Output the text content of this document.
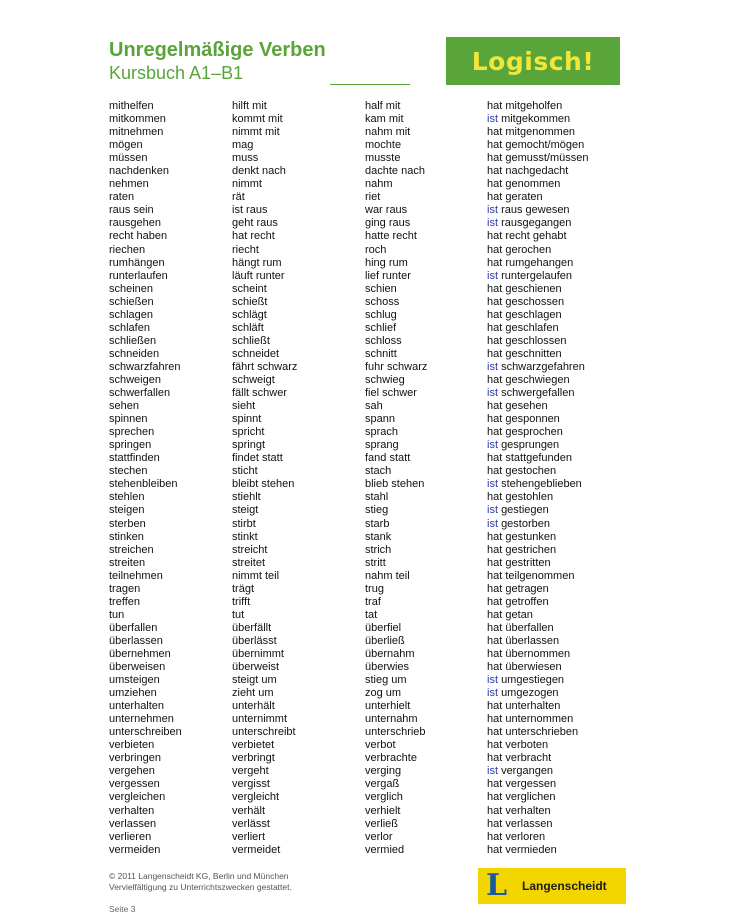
Unregelmäßige Verben
Kursbuch A1–B1	Logisch!
mithelfen	hilft mit	half mit	hat mitgeholfen
mitkommen	kommt mit	kam mit	ist mitgekommen
mitnehmen	nimmt mit	nahm mit	hat mitgenommen
mögen	mag	mochte	hat gemocht/mögen
müssen	muss	musste	hat gemusst/müssen
nachdenken	denkt nach	dachte nach	hat nachgedacht
nehmen	nimmt	nahm	hat genommen
raten	rät	riet	hat geraten
raus sein	ist raus	war raus	ist raus gewesen
rausgehen	geht raus	ging raus	ist rausgegangen
recht haben	hat recht	hatte recht	hat recht gehabt
riechen	riecht	roch	hat gerochen
rumhängen	hängt rum	hing rum	hat rumgehangen
runterlaufen	läuft runter	lief runter	ist runtergelaufen
scheinen	scheint	schien	hat geschienen
schießen	schießt	schoss	hat geschossen
schlagen	schlägt	schlug	hat geschlagen
schlafen	schläft	schlief	hat geschlafen
schließen	schließt	schloss	hat geschlossen
schneiden	schneidet	schnitt	hat geschnitten
schwarzfahren	fährt schwarz	fuhr schwarz	ist schwarzgefahren
schweigen	schweigt	schwieg	hat geschwiegen
schwerfallen	fällt schwer	fiel schwer	ist schwergefallen
sehen	sieht	sah	hat gesehen
spinnen	spinnt	spann	hat gesponnen
sprechen	spricht	sprach	hat gesprochen
springen	springt	sprang	ist gesprungen
stattfinden	findet statt	fand statt	hat stattgefunden
stechen	sticht	stach	hat gestochen
stehenbleiben	bleibt stehen	blieb stehen	ist stehengeblieben
stehlen	stiehlt	stahl	hat gestohlen
steigen	steigt	stieg	ist gestiegen
sterben	stirbt	starb	ist gestorben
stinken	stinkt	stank	hat gestunken
streichen	streicht	strich	hat gestrichen
streiten	streitet	stritt	hat gestritten
teilnehmen	nimmt teil	nahm teil	hat teilgenommen
tragen	trägt	trug	hat getragen
treffen	trifft	traf	hat getroffen
tun	tut	tat	hat getan
überfallen	überfällt	überfiel	hat überfallen
überlassen	überlässt	überließ	hat überlassen
übernehmen	übernimmt	übernahm	hat übernommen
überweisen	überweist	überwies	hat überwiesen
umsteigen	steigt um	stieg um	ist umgestiegen
umziehen	zieht um	zog um	ist umgezogen
unterhalten	unterhält	unterhielt	hat unterhalten
unternehmen	unternimmt	unternahm	hat unternommen
unterschreiben	unterschreibt	unterschrieb	hat unterschrieben
verbieten	verbietet	verbot	hat verboten
verbringen	verbringt	verbrachte	hat verbracht
vergehen	vergeht	verging	ist vergangen
vergessen	vergisst	vergaß	hat vergessen
vergleichen	vergleicht	verglich	hat verglichen
verhalten	verhält	verhielt	hat verhalten
verlassen	verlässt	verließ	hat verlassen
verlieren	verliert	verlor	hat verloren
vermeiden	vermeidet	vermied	hat vermieden
© 2011 Langenscheidt KG, Berlin und München
Vervielfältigung zu Unterrichtszwecken gestattet.
Seite 3
L	Langenscheidt
